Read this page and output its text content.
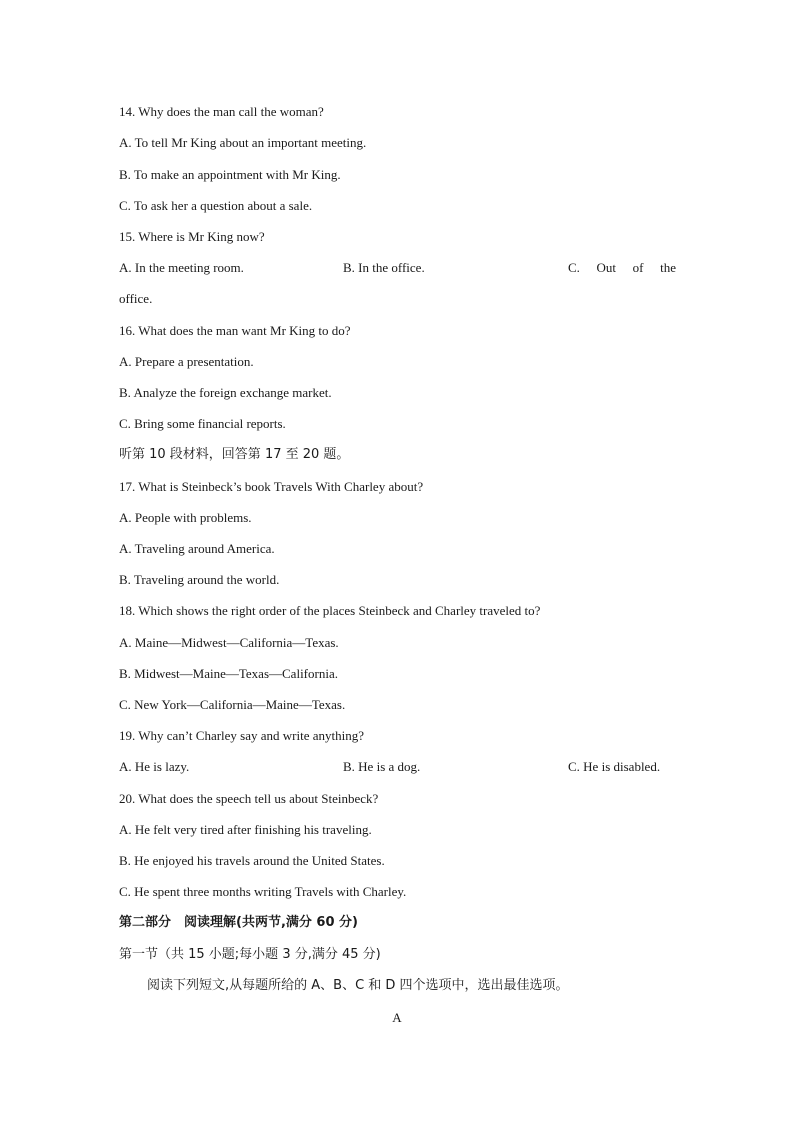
14. Why does the man call the woman?
A. To tell Mr King about an important meeting.
B. To make an appointment with Mr King.
C. To ask her a question about a sale.
15. Where is Mr King now?
A. In the meeting room.	B. In the office.	C. Out of the
office.
16. What does the man want Mr King to do?
A. Prepare a presentation.
B. Analyze the foreign exchange market.
C. Bring some financial reports.
听第 10 段材料，回答第 17 至 20 题。
17. What is Steinbeck’s book Travels With Charley about?
A. People with problems.
A. Traveling around America.
B. Traveling around the world.
18. Which shows the right order of the places Steinbeck and Charley traveled to?
A. Maine—Midwest—California—Texas.
B. Midwest—Maine—Texas—California.
C. New York—California—Maine—Texas.
19. Why can’t Charley say and write anything?
A. He is lazy.	B. He is a dog.	C. He is disabled.
20. What does the speech tell us about Steinbeck?
A. He felt very tired after finishing his traveling.
B. He enjoyed his travels around the United States.
C. He spent three months writing Travels with Charley.
第二部分　阅读理解(共两节,满分 60 分)
第一节（共 15 小题;每小题 3 分,满分 45 分)
阅读下列短文,从每题所给的 A、B、C 和 D 四个选项中，选出最佳选项。
A
